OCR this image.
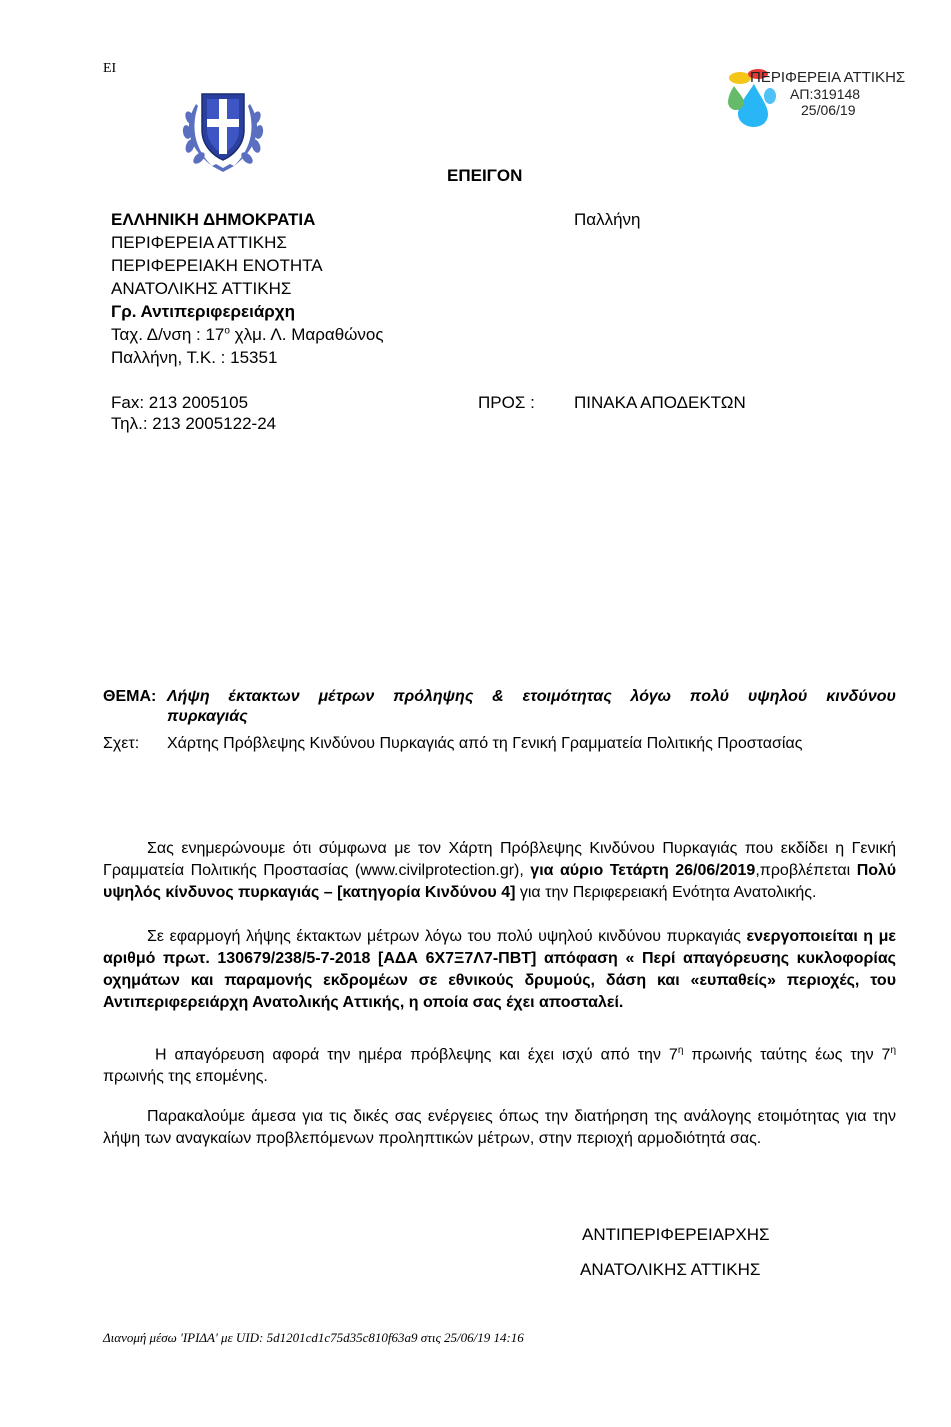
ΕΙ
ΠΕΡΙΦΕΡΕΙΑ ΑΤΤΙΚΗΣ
ΑΠ:319148
25/06/19
ΕΠΕΙΓΟΝ
ΕΛΛΗΝΙΚΗ ΔΗΜΟΚΡΑΤΙΑ
ΠΕΡΙΦΕΡΕΙΑ ΑΤΤΙΚΗΣ
ΠΕΡΙΦΕΡΕΙΑΚΗ ΕΝΟΤΗΤΑ
ΑΝΑΤΟΛΙΚΗΣ ΑΤΤΙΚΗΣ
Γρ. Αντιπεριφερειάρχη
Ταχ. Δ/νση : $17^o$ χλμ. Λ. Μαραθώνος
Παλλήνη, Τ.Κ. : 15351
Παλλήνη
Fax: 213 2005105
Τηλ.: 213 2005122-24
ΠΡΟΣ : ΠΙΝΑΚΑ ΑΠΟΔΕΚΤΩΝ
ΘΕΜΑ: Λήψη έκτακτων μέτρων πρόληψης & ετοιμότητας λόγω πολύ υψηλού κινδύνου
πυρκαγιάς
Σχετ: Χάρτης Πρόβλεψης Κινδύνου Πυρκαγιάς από τη Γενική Γραμματεία Πολιτικής Προστασίας
Σας ενημερώνουμε ότι σύμφωνα με τον Χάρτη Πρόβλεψης Κινδύνου Πυρκαγιάς που εκδίδει η Γενική Γραμματεία Πολιτικής Προστασίας (www.civilprotection.gr), για αύριο Τετάρτη 26/06/2019,προβλέπεται Πολύ υψηλός κίνδυνος πυρκαγιάς – [κατηγορία Κινδύνου 4] για την Περιφερειακή Ενότητα Ανατολικής.
Σε εφαρμογή λήψης έκτακτων μέτρων λόγω του πολύ υψηλού κινδύνου πυρκαγιάς ενεργοποιείται η με αριθμό πρωτ. 130679/238/5-7-2018 [ΑΔΑ 6Χ7Ξ7Λ7-ΠΒΤ] απόφαση « Περί απαγόρευσης κυκλοφορίας οχημάτων και παραμονής εκδρομέων σε εθνικούς δρυμούς, δάση και «ευπαθείς» περιοχές, του Αντιπεριφερειάρχη Ανατολικής Αττικής, η οποία σας έχει αποσταλεί.
Η απαγόρευση αφορά την ημέρα πρόβλεψης και έχει ισχύ από την $7^\eta$ πρωινής ταύτης έως την $7^\eta$ πρωινής της επομένης.
Παρακαλούμε άμεσα για τις δικές σας ενέργειες όπως την διατήρηση της ανάλογης ετοιμότητας για την λήψη των αναγκαίων προβλεπόμενων προληπτικών μέτρων, στην περιοχή αρμοδιότητά σας.
ΑΝΤΙΠΕΡΙΦΕΡΕΙΑΡΧΗΣ
ΑΝΑΤΟΛΙΚΗΣ ΑΤΤΙΚΗΣ
Διανομή μέσω 'ΙΡΙΔΑ' με UID: 5d1201cd1c75d35c810f63a9 στις 25/06/19 14:16
